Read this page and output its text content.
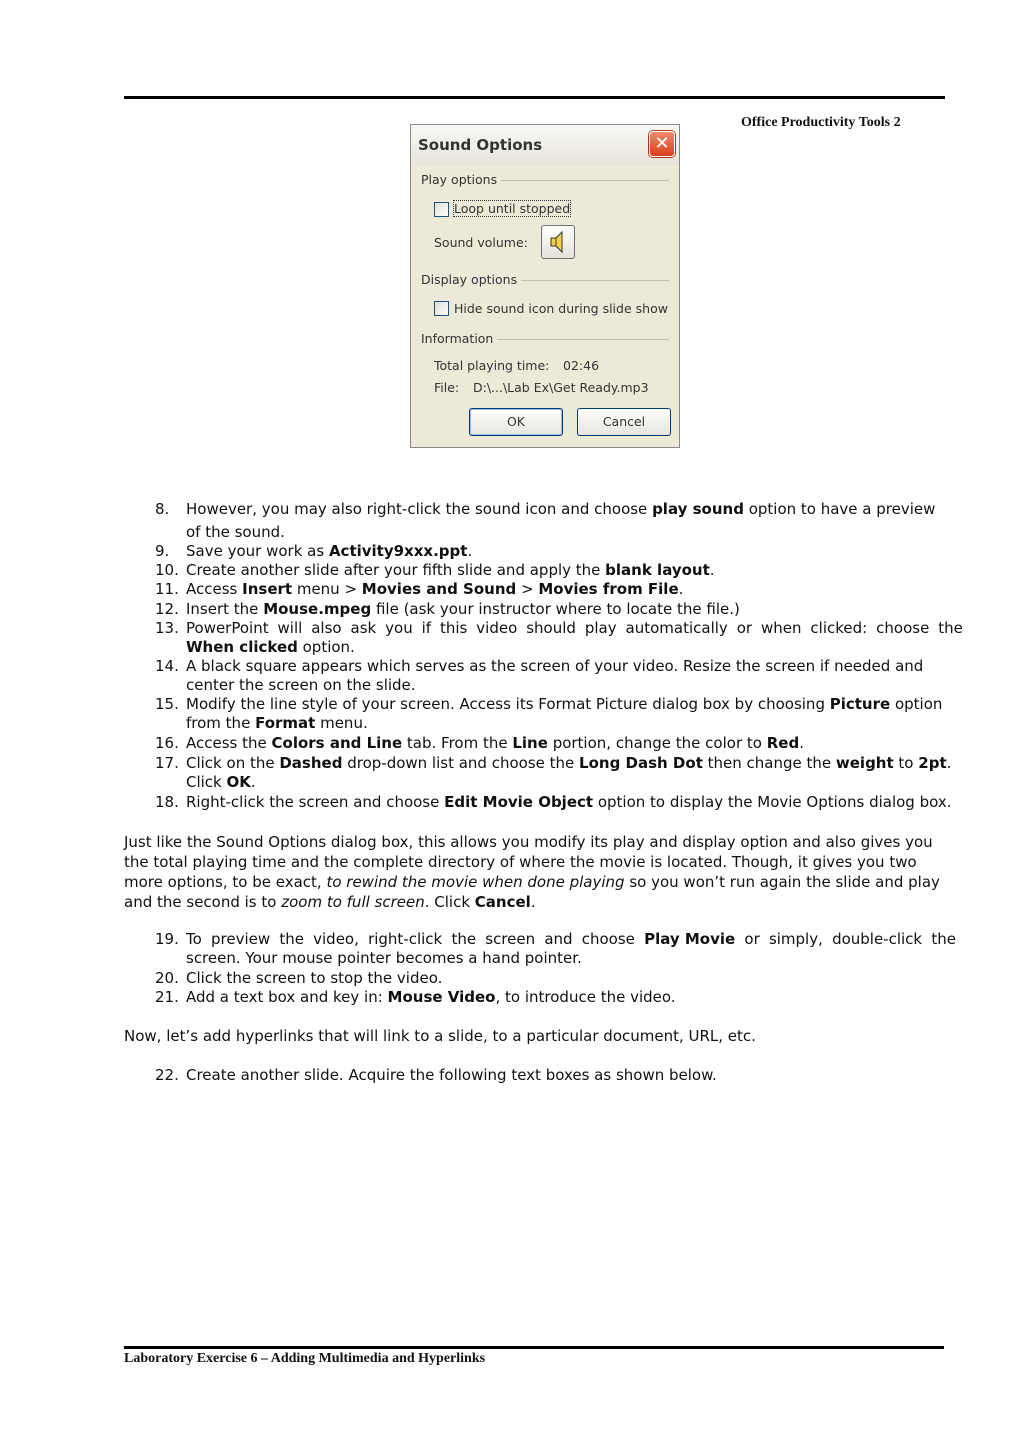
Office Productivity Tools 2
Sound Options	✕
Play options
Loop until stopped
Sound volume:
Display options
Hide sound icon during slide show
Information
Total playing time: 02:46
File: D:\...\Lab Ex\Get Ready.mp3
OK	Cancel
8. However, you may also right-click the sound icon and choose play sound option to have a preview
of the sound.
9. Save your work as Activity9xxx.ppt.
10. Create another slide after your fifth slide and apply the blank layout.
11. Access Insert menu > Movies and Sound > Movies from File.
12. Insert the Mouse.mpeg file (ask your instructor where to locate the file.)
13. PowerPoint will also ask you if this video should play automatically or when clicked: choose the
When clicked option.
14. A black square appears which serves as the screen of your video. Resize the screen if needed and
center the screen on the slide.
15. Modify the line style of your screen. Access its Format Picture dialog box by choosing Picture option
from the Format menu.
16. Access the Colors and Line tab. From the Line portion, change the color to Red.
17. Click on the Dashed drop-down list and choose the Long Dash Dot then change the weight to 2pt.
Click OK.
18. Right-click the screen and choose Edit Movie Object option to display the Movie Options dialog box.
Just like the Sound Options dialog box, this allows you modify its play and display option and also gives you
the total playing time and the complete directory of where the movie is located. Though, it gives you two
more options, to be exact, to rewind the movie when done playing so you won’t run again the slide and play
and the second is to zoom to full screen. Click Cancel.
19. To preview the video, right-click the screen and choose Play Movie or simply, double-click the
screen. Your mouse pointer becomes a hand pointer.
20. Click the screen to stop the video.
21. Add a text box and key in: Mouse Video, to introduce the video.
Now, let’s add hyperlinks that will link to a slide, to a particular document, URL, etc.
22. Create another slide. Acquire the following text boxes as shown below.
Laboratory Exercise 6 – Adding Multimedia and Hyperlinks
